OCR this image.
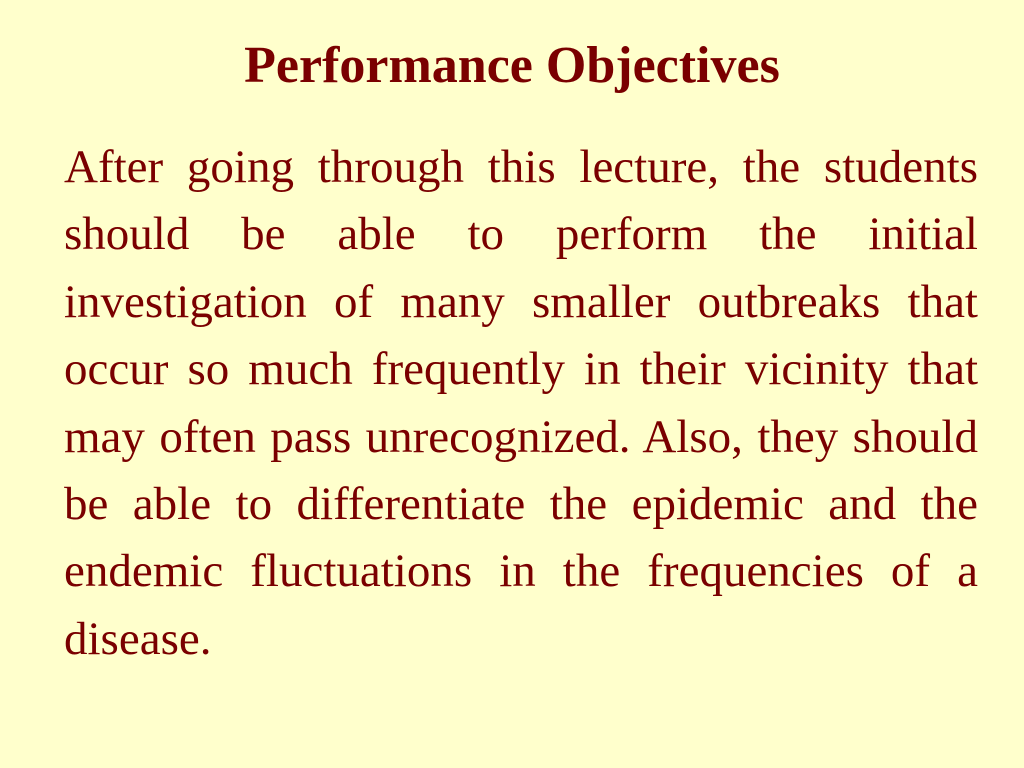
Performance Objectives

After going through this lecture, the students should be able to perform the initial investigation of many smaller outbreaks that occur so much frequently in their vicinity that may often pass unrecognized. Also, they should be able to differentiate the epidemic and the endemic fluctuations in the frequencies of a disease.
